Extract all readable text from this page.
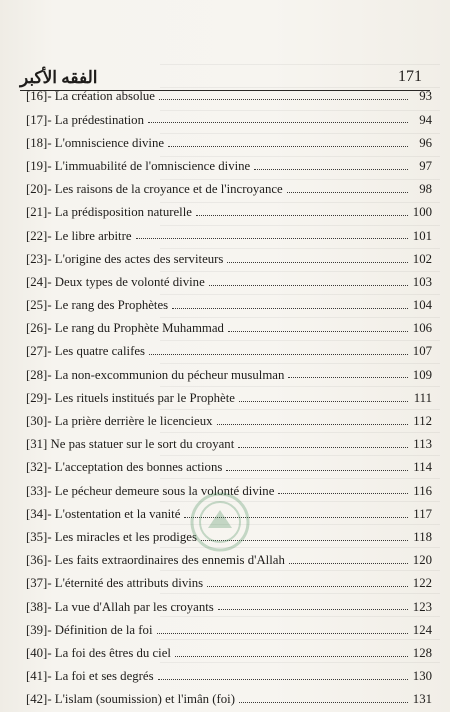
الفقه الأكبر	171
[16]- La création absolue	93
[17]- La prédestination	94
[18]- L'omniscience divine	96
[19]- L'immuabilité de l'omniscience divine	97
[20]- Les raisons de la croyance et de l'incroyance	98
[21]- La prédisposition naturelle	100
[22]- Le libre arbitre	101
[23]- L'origine des actes des serviteurs	102
[24]- Deux types de volonté divine	103
[25]- Le rang des Prophètes	104
[26]- Le rang du Prophète Muhammad	106
[27]- Les quatre califes	107
[28]- La non-excommunion du pécheur musulman	109
[29]- Les rituels institués par le Prophète	111
[30]- La prière derrière le licencieux	112
[31] Ne pas statuer sur le sort du croyant	113
[32]- L'acceptation des bonnes actions	114
[33]- Le pécheur demeure sous la volonté divine	116
[34]- L'ostentation et la vanité	117
[35]- Les miracles et les prodiges	118
[36]- Les faits extraordinaires des ennemis d'Allah	120
[37]- L'éternité des attributs divins	122
[38]- La vue d'Allah par les croyants	123
[39]- Définition de la foi	124
[40]- La foi des êtres du ciel	128
[41]- La foi et ses degrés	130
[42]- L'islam (soumission) et l'imân (foi)	131
